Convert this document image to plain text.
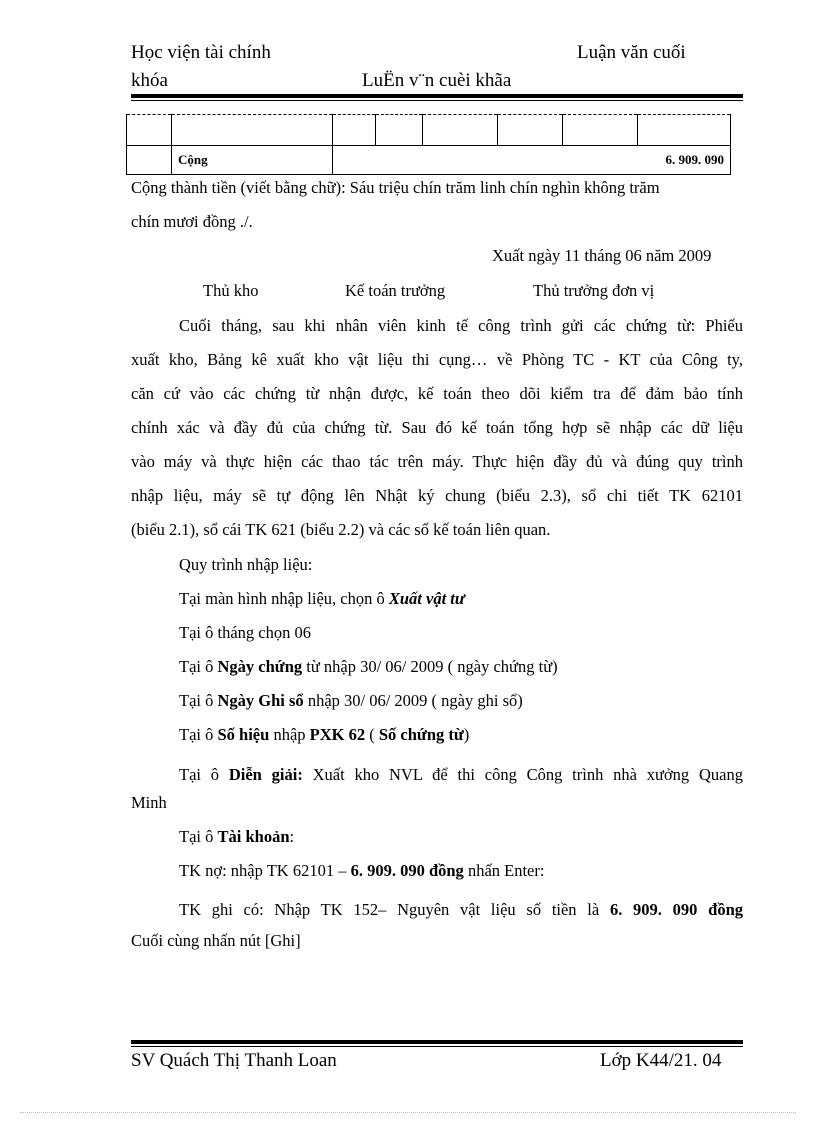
Học viện tài chính	Luận văn cuối
khóa	LuËn v¨n cuèi khãa

	Cộng	6. 909. 090					
Cộng thành tiền (viết bằng chữ): Sáu triệu chín trăm linh chín nghìn không trăm
chín mươi đồng ./.
Xuất ngày 11 tháng 06 năm 2009
Thủ kho	Kế toán trưởng	Thủ trưởng đơn vị
Cuối tháng, sau khi nhân viên kinh tế công trình gửi các chứng từ: Phiếu
xuất kho, Bảng kê xuất kho vật liệu thi cụng… về Phòng TC - KT của Công ty,
căn cứ vào các chứng từ nhận được, kế toán theo dõi kiểm tra để đảm bảo tính
chính xác và đầy đủ của chứng từ. Sau đó kế toán tổng hợp sẽ nhập các dữ liệu
vào máy và thực hiện các thao tác trên máy. Thực hiện đầy đủ và đúng quy trình
nhập liệu, máy sẽ tự động lên Nhật ký chung (biểu 2.3), sổ chi tiết TK 62101
(biểu 2.1), sổ cái TK 621 (biểu 2.2) và các sổ kế toán liên quan.
Quy trình nhập liệu:
Tại màn hình nhập liệu, chọn ô Xuất vật tư
Tại ô tháng chọn 06
Tại ô Ngày chứng từ nhập 30/ 06/ 2009 ( ngày chứng từ)
Tại ô Ngày Ghi sổ nhập 30/ 06/ 2009 ( ngày ghi sổ)
Tại ô Số hiệu nhập PXK 62 ( Số chứng từ)
Tại ô Diễn giải: Xuất kho NVL để thi công Công trình nhà xưởng Quang
Minh
Tại ô Tài khoản:
TK nợ: nhập TK 62101 – 6. 909. 090 đồng nhấn Enter:
TK ghi có: Nhập TK 152– Nguyên vật liệu số tiền là 6. 909. 090 đồng
Cuối cùng nhấn nút [Ghi]
SV Quách Thị Thanh Loan	Lớp K44/21. 04
